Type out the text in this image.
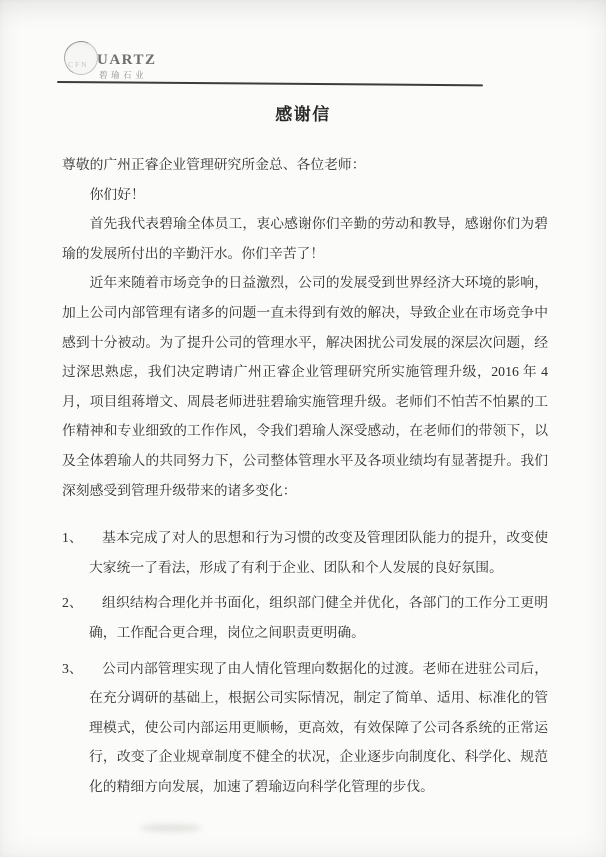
CFN UARTZ
碧瑜石业
感谢信

尊敬的广州正睿企业管理研究所金总、各位老师：

你们好！

首先我代表碧瑜全体员工，衷心感谢你们辛勤的劳动和教导，感谢你们为碧瑜的发展所付出的辛勤汗水。你们辛苦了！

近年来随着市场竞争的日益激烈，公司的发展受到世界经济大环境的影响，加上公司内部管理有诸多的问题一直未得到有效的解决，导致企业在市场竞争中感到十分被动。为了提升公司的管理水平，解决困扰公司发展的深层次问题，经过深思熟虑，我们决定聘请广州正睿企业管理研究所实施管理升级，2016 年 4 月，项目组蒋增文、周晨老师进驻碧瑜实施管理升级。老师们不怕苦不怕累的工作精神和专业细致的工作作风，令我们碧瑜人深受感动，在老师们的带领下，以及全体碧瑜人的共同努力下，公司整体管理水平及各项业绩均有显著提升。我们深刻感受到管理升级带来的诸多变化：

1、	基本完成了对人的思想和行为习惯的改变及管理团队能力的提升，改变使大家统一了看法，形成了有利于企业、团队和个人发展的良好氛围。
2、	组织结构合理化并书面化，组织部门健全并优化，各部门的工作分工更明确，工作配合更合理，岗位之间职责更明确。
3、	公司内部管理实现了由人情化管理向数据化的过渡。老师在进驻公司后，在充分调研的基础上，根据公司实际情况，制定了简单、适用、标准化的管理模式，使公司内部运用更顺畅，更高效，有效保障了公司各系统的正常运行，改变了企业规章制度不健全的状况，企业逐步向制度化、科学化、规范化的精细方向发展，加速了碧瑜迈向科学化管理的步伐。
